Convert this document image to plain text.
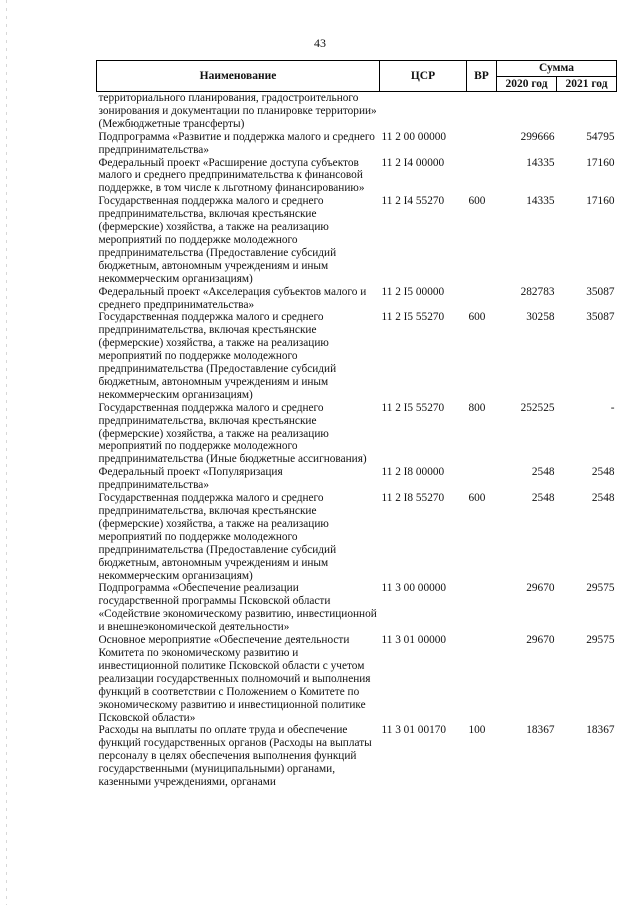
43
Наименование	ЦСР	ВР	Сумма	
			2020 год	2021 год
территориального планирования, градостроительного зонирования и документации по планировке территории» (Межбюджетные трансферты)				
Подпрограмма «Развитие и поддержка малого и среднего предпринимательства»	11 2 00 00000		299666	54795
Федеральный проект «Расширение доступа субъектов малого и среднего предпринимательства к финансовой поддержке, в том числе к льготному финансированию»	11 2 I4 00000		14335	17160
Государственная поддержка малого и среднего предпринимательства, включая крестьянские (фермерские) хозяйства, а также на реализацию мероприятий по поддержке молодежного предпринимательства (Предоставление субсидий бюджетным, автономным учреждениям и иным некоммерческим организациям)	11 2 I4 55270	600	14335	17160
Федеральный проект «Акселерация субъектов малого и среднего предпринимательства»	11 2 I5 00000		282783	35087
Государственная поддержка малого и среднего предпринимательства, включая крестьянские (фермерские) хозяйства, а также на реализацию мероприятий по поддержке молодежного предпринимательства (Предоставление субсидий бюджетным, автономным учреждениям и иным некоммерческим организациям)	11 2 I5 55270	600	30258	35087
Государственная поддержка малого и среднего предпринимательства, включая крестьянские (фермерские) хозяйства, а также на реализацию мероприятий по поддержке молодежного предпринимательства (Иные бюджетные ассигнования)	11 2 I5 55270	800	252525	-
Федеральный проект «Популяризация предпринимательства»	11 2 I8 00000		2548	2548
Государственная поддержка малого и среднего предпринимательства, включая крестьянские (фермерские) хозяйства, а также на реализацию мероприятий по поддержке молодежного предпринимательства (Предоставление субсидий бюджетным, автономным учреждениям и иным некоммерческим организациям)	11 2 I8 55270	600	2548	2548
Подпрограмма «Обеспечение реализации государственной программы Псковской области «Содействие экономическому развитию, инвестиционной и внешнеэкономической деятельности»	11 3 00 00000		29670	29575
Основное мероприятие «Обеспечение деятельности Комитета по экономическому развитию и инвестиционной политике Псковской области с учетом реализации государственных полномочий и выполнения функций в соответствии с Положением о Комитете по экономическому развитию и инвестиционной политике Псковской области»	11 3 01 00000		29670	29575
Расходы на выплаты по оплате труда и обеспечение функций государственных органов (Расходы на выплаты персоналу в целях обеспечения выполнения функций государственными (муниципальными) органами, казенными учреждениями, органами	11 3 01 00170	100	18367	18367
